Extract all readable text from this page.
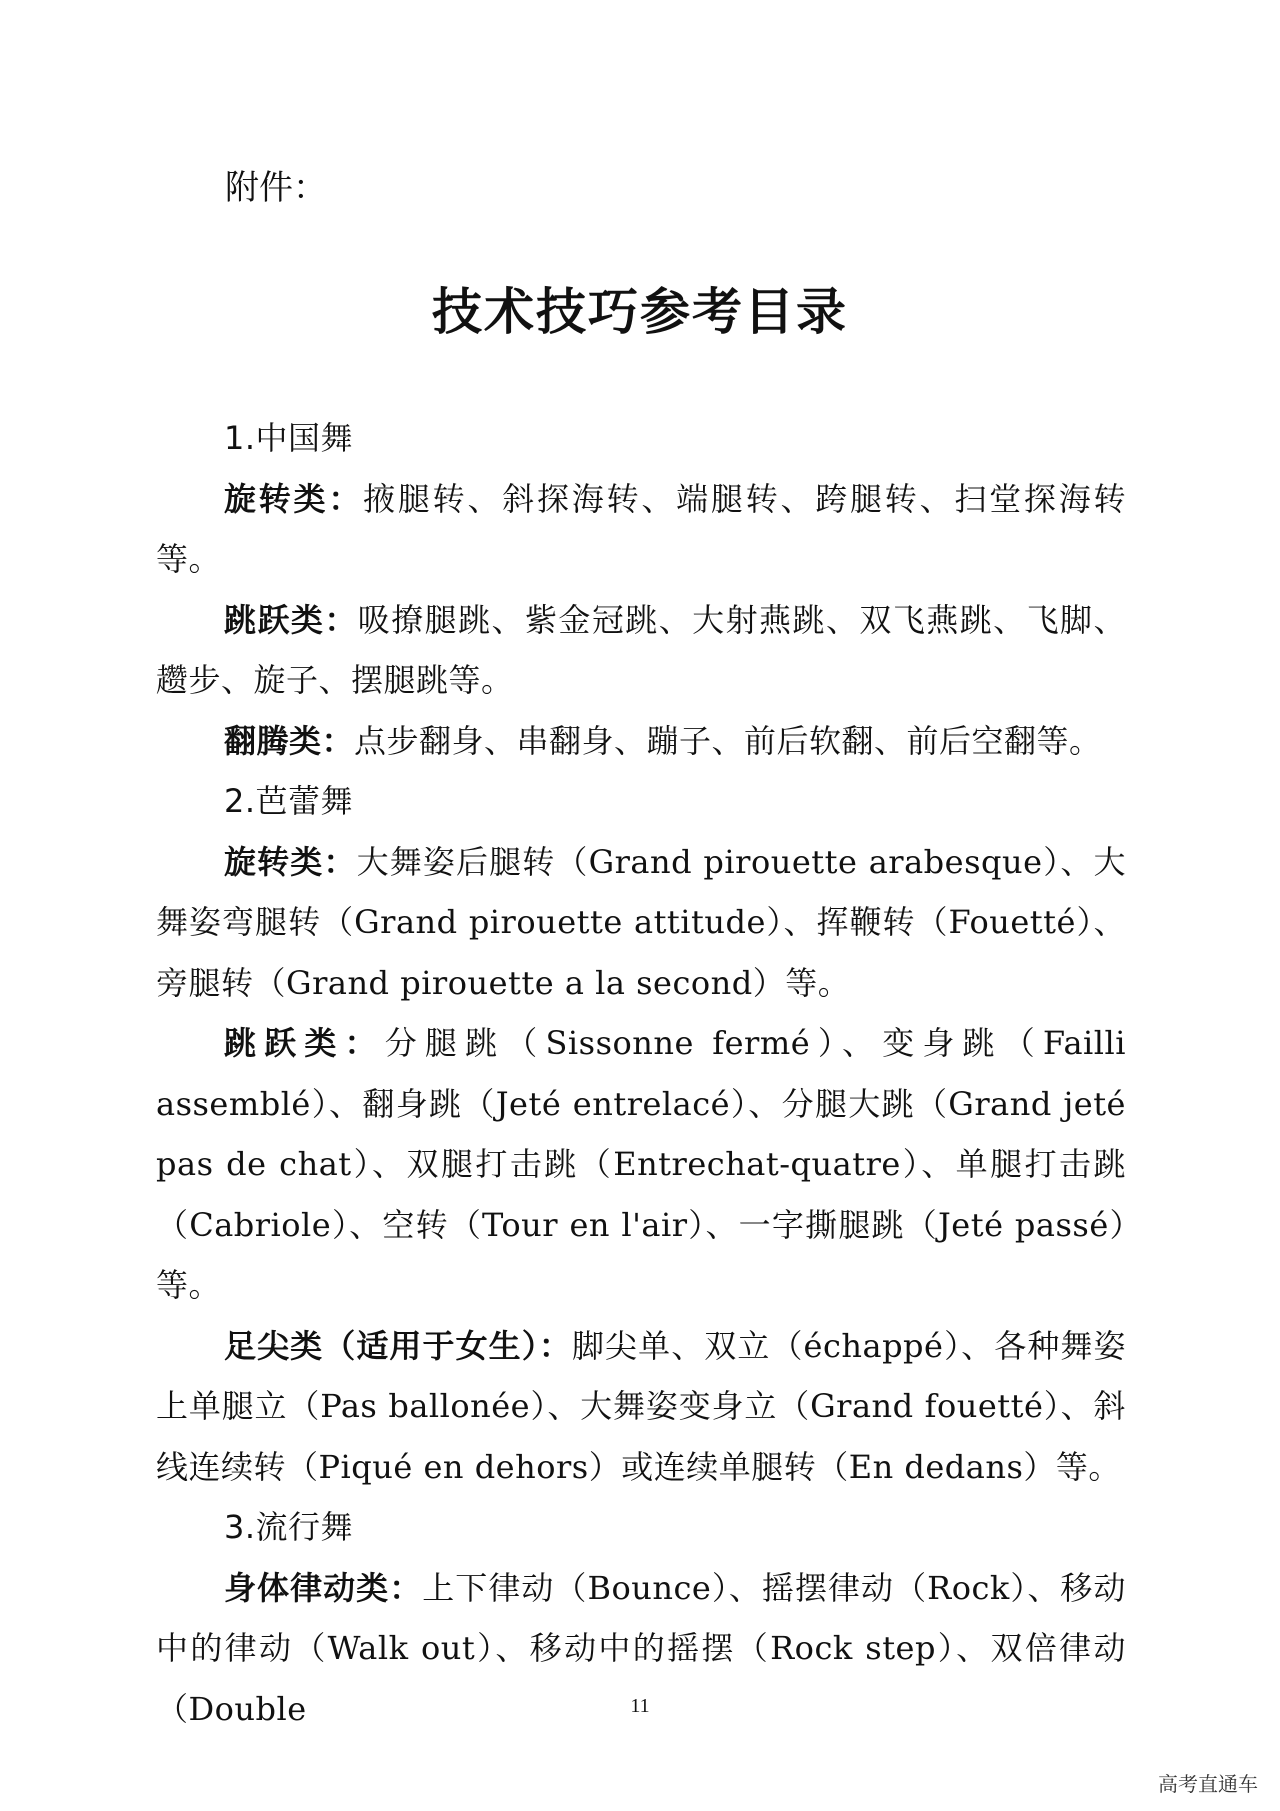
附件：
技术技巧参考目录

1.中国舞

旋转类：掖腿转、斜探海转、端腿转、跨腿转、扫堂探海转等。

跳跃类：吸撩腿跳、紫金冠跳、大射燕跳、双飞燕跳、飞脚、趱步、旋子、摆腿跳等。

翻腾类：点步翻身、串翻身、蹦子、前后软翻、前后空翻等。

2.芭蕾舞

旋转类：大舞姿后腿转（Grand pirouette arabesque）、大舞姿弯腿转（Grand pirouette attitude）、挥鞭转（Fouetté）、旁腿转（Grand pirouette a la second）等。

跳跃类：分腿跳（Sissonne fermé）、变身跳（Failli assemblé）、翻身跳（Jeté entrelacé）、分腿大跳（Grand jeté pas de chat）、双腿打击跳（Entrechat-quatre）、单腿打击跳（Cabriole）、空转（Tour en l'air）、一字撕腿跳（Jeté passé）等。

足尖类（适用于女生）：脚尖单、双立（échappé）、各种舞姿上单腿立（Pas ballonée）、大舞姿变身立（Grand fouetté）、斜线连续转（Piqué en dehors）或连续单腿转（En dedans）等。

3.流行舞

身体律动类：上下律动（Bounce）、摇摆律动（Rock）、移动中的律动（Walk out）、移动中的摇摆（Rock step）、双倍律动（Double	11
高考直通车
